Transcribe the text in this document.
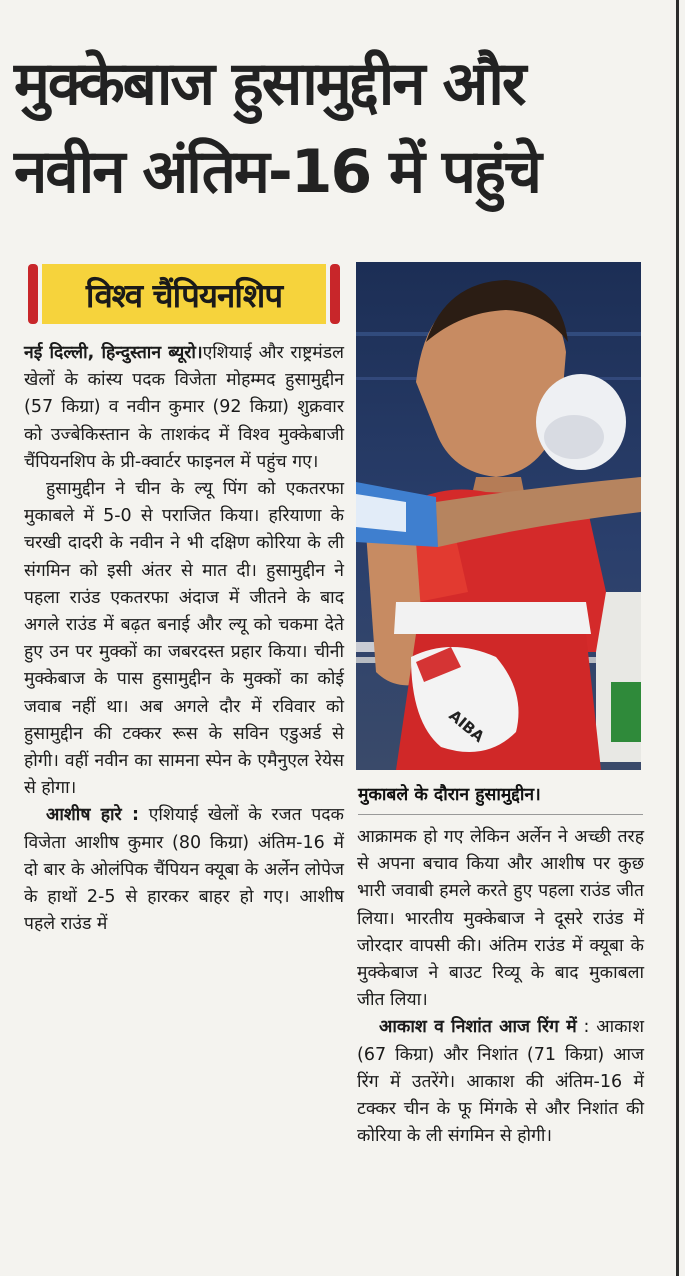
मुक्केबाज हुसामुद्दीन और
नवीन अंतिम-16 में पहुंचे
विश्व चैंपियनशिप

नई दिल्ली, हिन्दुस्तान ब्यूरो।एशियाई और राष्ट्रमंडल खेलों के कांस्य पदक विजेता मोहम्मद हुसामुद्दीन (57 किग्रा) व नवीन कुमार (92 किग्रा) शुक्रवार को उज्बेकिस्तान के ताशकंद में विश्व मुक्केबाजी चैंपियनशिप के प्री-क्वार्टर फाइनल में पहुंच गए।

हुसामुद्दीन ने चीन के ल्यू पिंग को एकतरफा मुकाबले में 5-0 से पराजित किया। हरियाणा के चरखी दादरी के नवीन ने भी दक्षिण कोरिया के ली संगमिन को इसी अंतर से मात दी। हुसामुद्दीन ने पहला राउंड एकतरफा अंदाज में जीतने के बाद अगले राउंड में बढ़त बनाई और ल्यू को चकमा देते हुए उन पर मुक्कों का जबरदस्त प्रहार किया। चीनी मुक्केबाज के पास हुसामुद्दीन के मुक्कों का कोई जवाब नहीं था। अब अगले दौर में रविवार को हुसामुद्दीन की टक्कर रूस के सविन एडुअर्ड से होगी। वहीं नवीन का सामना स्पेन के एमैनुएल रेयेस से होगा।

आशीष हारे : एशियाई खेलों के रजत पदक विजेता आशीष कुमार (80 किग्रा) अंतिम-16 में दो बार के ओलंपिक चैंपियन क्यूबा के अर्लेन लोपेज के हाथों 2-5 से हारकर बाहर हो गए। आशीष पहले राउंड में

AIBA
मुकाबले के दौरान हुसामुद्दीन।

आक्रामक हो गए लेकिन अर्लेन ने अच्छी तरह से अपना बचाव किया और आशीष पर कुछ भारी जवाबी हमले करते हुए पहला राउंड जीत लिया। भारतीय मुक्केबाज ने दूसरे राउंड में जोरदार वापसी की। अंतिम राउंड में क्यूबा के मुक्केबाज ने बाउट रिव्यू के बाद मुकाबला जीत लिया।

आकाश व निशांत आज रिंग में : आकाश (67 किग्रा) और निशांत (71 किग्रा) आज रिंग में उतरेंगे। आकाश की अंतिम-16 में टक्कर चीन के फू मिंगके से और निशांत की कोरिया के ली संगमिन से होगी।
